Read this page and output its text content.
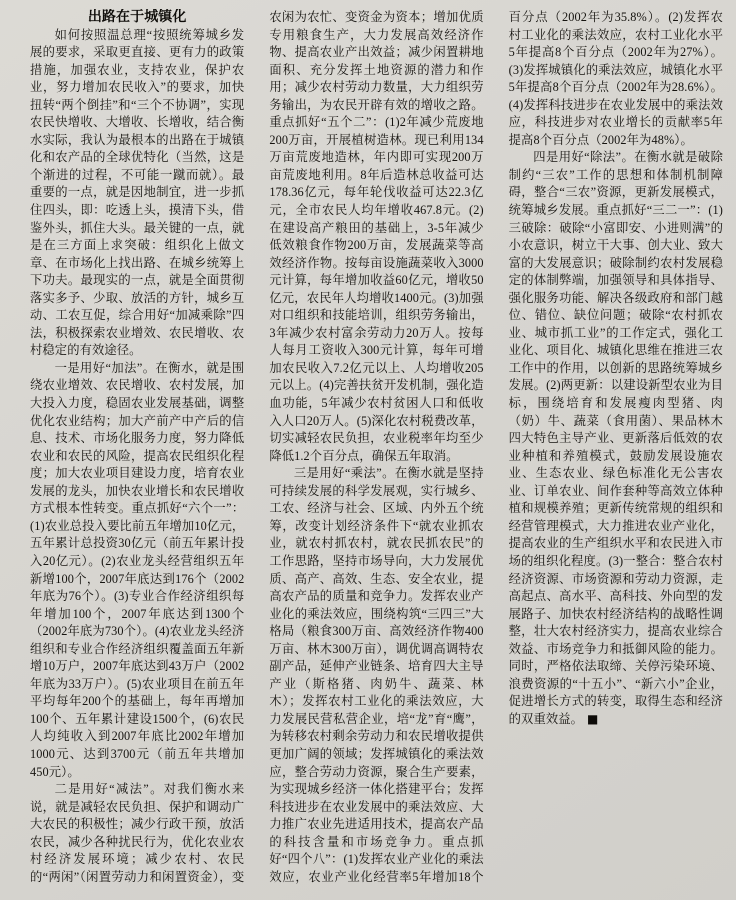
出路在于城镇化

如何按照温总理“按照统筹城乡发展的要求，采取更直接、更有力的政策措施，加强农业，支持农业，保护农业，努力增加农民收入”的要求，加快扭转“两个倒挂”和“三个不协调”，实现农民快增收、大增收、长增收，结合衡水实际，我认为最根本的出路在于城镇化和农产品的全球优特化（当然，这是个渐进的过程，不可能一蹴而就）。最重要的一点，就是因地制宜，进一步抓住四头，即：吃透上头，摸清下头，借鉴外头，抓住大头。最关键的一点，就是在三方面上求突破：组织化上做文章、在市场化上找出路、在城乡统筹上下功夫。最现实的一点，就是全面贯彻落实多予、少取、放活的方针，城乡互动、工农互促，综合用好“加减乘除”四法，积极探索农业增效、农民增收、农村稳定的有效途径。

一是用好“加法”。在衡水，就是围绕农业增效、农民增收、农村发展，加大投入力度，稳固农业发展基础，调整优化农业结构；加大产前产中产后的信息、技术、市场化服务力度，努力降低农业和农民的风险，提高农民组织化程度；加大农业项目建设力度，培育农业发展的龙头，加快农业增长和农民增收方式根本性转变。重点抓好“六个一”：(1)农业总投入要比前五年增加10亿元，五年累计总投资30亿元（前五年累计投入20亿元）。(2)农业龙头经营组织五年新增100个，2007年底达到176个（2002年底为76个）。(3)专业合作经济组织每年增加100个，2007年底达到1300个（2002年底为730个）。(4)农业龙头经济组织和专业合作经济组织覆盖面五年新增10万户，2007年底达到43万户（2002年底为33万户）。(5)农业项目在前五年平均每年200个的基础上，每年再增加100个、五年累计建设1500个，(6)农民人均纯收入到2007年底比2002年增加1000元、达到3700元（前五年共增加450元）。

二是用好“减法”。对我们衡水来说，就是减轻农民负担、保护和调动广大农民的积极性；减少行政干预，放活农民，减少各种扰民行为，优化农业农村经济发展环境；减少农村、农民的“两闲”（闲置劳动力和闲置资金），变农闲为农忙、变资金为资本；增加优质专用粮食生产，大力发展高效经济作物、提高农业产出效益；减少闲置耕地面积、充分发挥土地资源的潜力和作用；减少农村劳动力数量，大力组织劳务输出，为农民开辟有效的增收之路。重点抓好“五个二”：(1)2年减少荒废地200万亩，开展植树造林。现已利用134万亩荒废地造林，年内即可实现200万亩荒废地利用。8年后造林总收益可达178.36亿元，每年轮伐收益可达22.3亿元，全市农民人均年增收467.8元。(2)在建设高产粮田的基础上，3-5年减少低效粮食作物200万亩，发展蔬菜等高效经济作物。按每亩设施蔬菜收入3000元计算，每年增加收益60亿元，增收50亿元，农民年人均增收1400元。(3)加强对口组织和技能培训，组织劳务输出，3年减少农村富余劳动力20万人。按每人每月工资收入300元计算，每年可增加农民收入7.2亿元以上、人均增收205元以上。(4)完善扶贫开发机制，强化造血功能，5年减少农村贫困人口和低收入人口20万人。(5)深化农村税费改革，切实减轻农民负担，农业税率年均至少降低1.2个百分点，确保五年取消。

三是用好“乘法”。在衡水就是坚持可持续发展的科学发展观，实行城乡、工农、经济与社会、区域、内外五个统筹，改变计划经济条件下“就农业抓农业，就农村抓农村，就农民抓农民”的工作思路，坚持市场导向，大力发展优质、高产、高效、生态、安全农业，提高农产品的质量和竞争力。发挥农业产业化的乘法效应，围绕构筑“三四三”大格局（粮食300万亩、高效经济作物400万亩、林木300万亩），调优调高调特农副产品，延伸产业链条、培育四大主导产业（斯格猪、肉奶牛、蔬菜、林木）；发挥农村工业化的乘法效应，大力发展民营私营企业，培“龙”育“鹰”，为转移农村剩余劳动力和农民增收提供更加广阔的领域；发挥城镇化的乘法效应，整合劳动力资源，聚合生产要素，为实现城乡经济一体化搭建平台；发挥科技进步在农业发展中的乘法效应、大力推广农业先进适用技术，提高农产品的科技含量和市场竞争力。重点抓好“四个八”：(1)发挥农业产业化的乘法效应，农业产业化经营率5年增加18个百分点（2002年为35.8%）。(2)发挥农村工业化的乘法效应，农村工业化水平5年提高8个百分点（2002年为27%）。(3)发挥城镇化的乘法效应，城镇化水平5年提高8个百分点（2002年为28.6%）。(4)发挥科技进步在农业发展中的乘法效应，科技进步对农业增长的贡献率5年提高8个百分点（2002年为48%）。

四是用好“除法”。在衡水就是破除制约“三农”工作的思想和体制机制障碍，整合“三农”资源，更新发展模式，统筹城乡发展。重点抓好“三二一”：(1)三破除：破除“小富即安、小进则满”的小农意识，树立干大事、创大业、致大富的大发展意识；破除制约农村发展稳定的体制弊端，加强领导和具体指导、强化服务功能、解决各级政府和部门越位、错位、缺位问题；破除“农村抓农业、城市抓工业”的工作定式，强化工业化、项目化、城镇化思维在推进三农工作中的作用，以创新的思路统筹城乡发展。(2)两更新：以建设新型农业为目标，围绕培育和发展瘦肉型猪、肉（奶）牛、蔬菜（食用菌）、果品林木四大特色主导产业、更新落后低效的农业种植和养殖模式，鼓励发展设施农业、生态农业、绿色标准化无公害农业、订单农业、间作套种等高效立体种植和规模养殖；更新传统常规的组织和经营管理模式，大力推进农业产业化，提高农业的生产组织水平和农民进入市场的组织化程度。(3)一整合：整合农村经济资源、市场资源和劳动力资源，走高起点、高水平、高科技、外向型的发展路子、加快农村经济结构的战略性调整，壮大农村经济实力，提高农业综合效益、市场竞争力和抵御风险的能力。同时，严格依法取缔、关停污染环境、浪费资源的“十五小”、“新六小”企业，促进增长方式的转变，取得生态和经济的双重效益。 ■
